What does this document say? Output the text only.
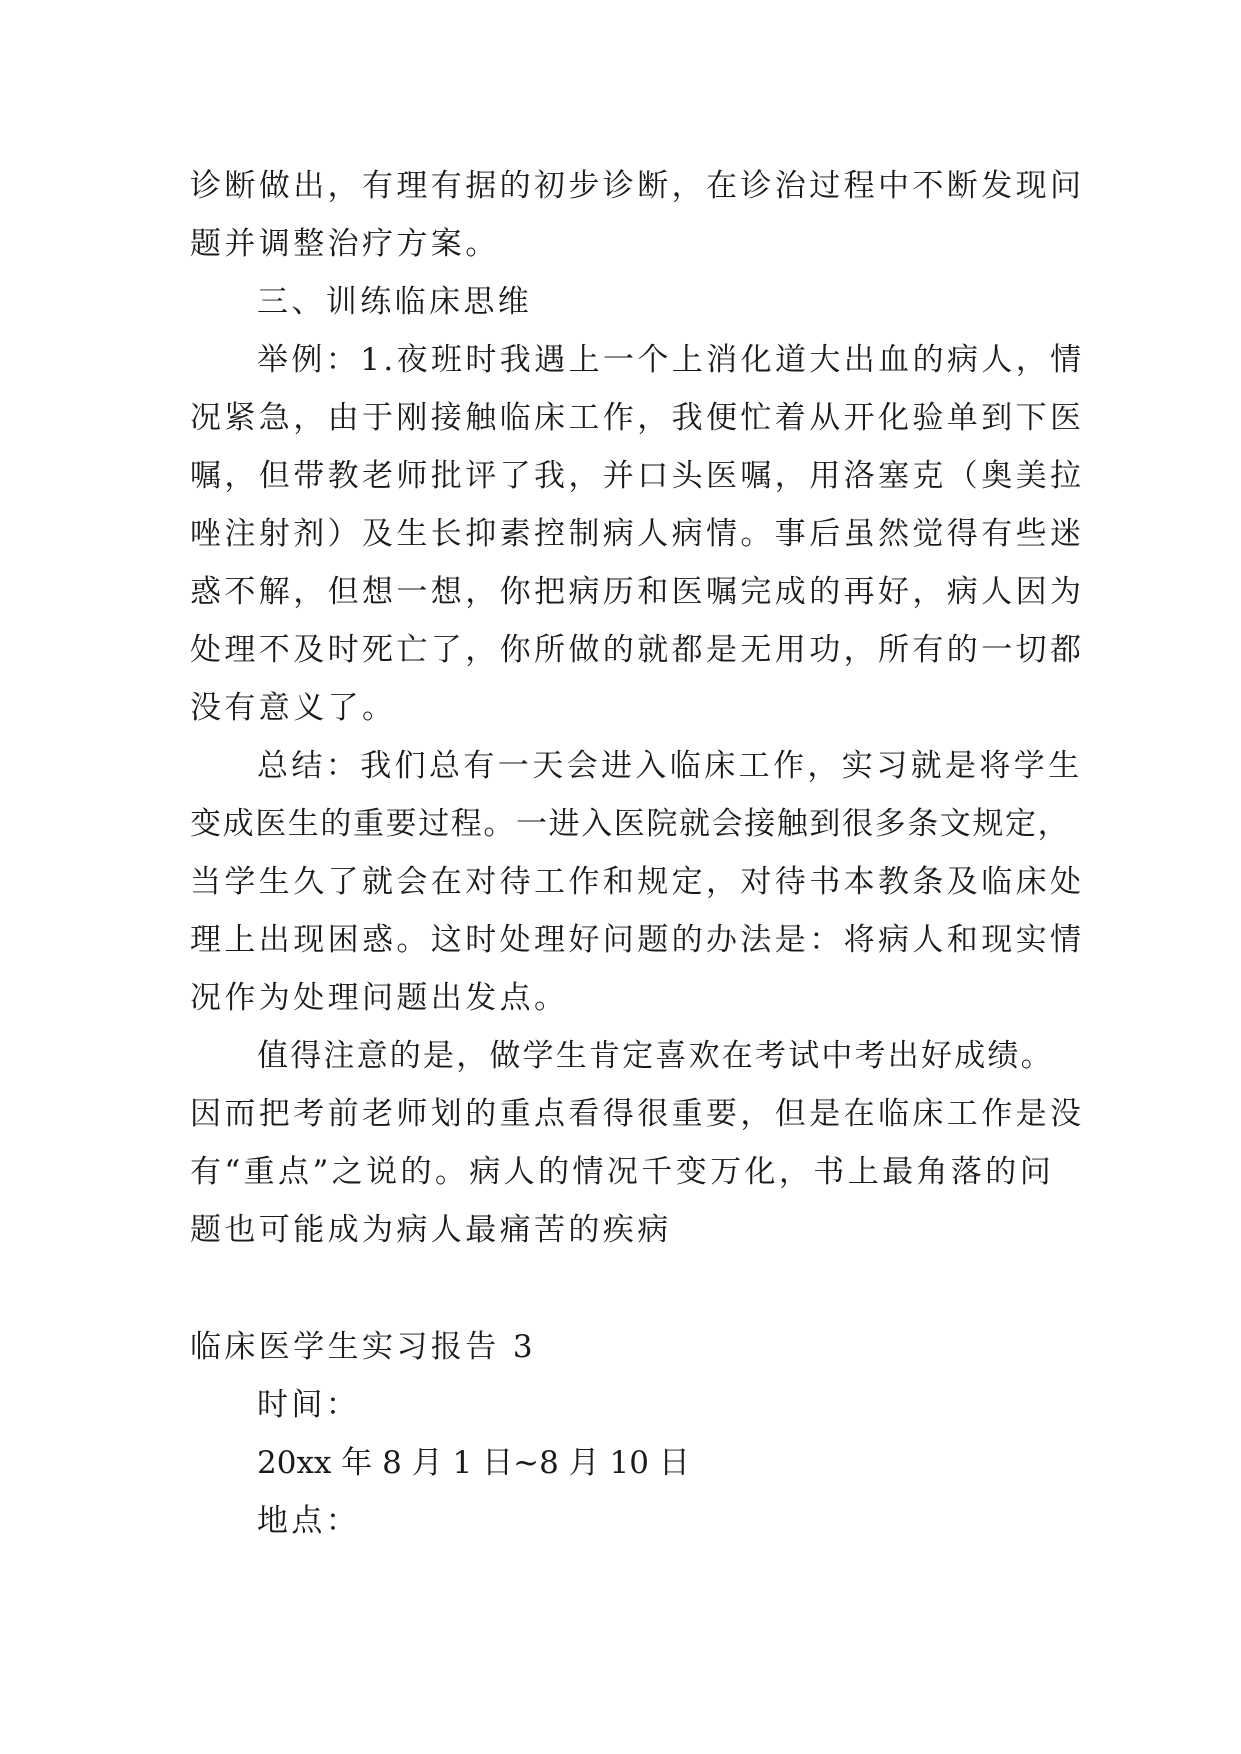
诊断做出，有理有据的初步诊断，在诊治过程中不断发现问
题并调整治疗方案。
三、训练临床思维
举例：1.夜班时我遇上一个上消化道大出血的病人，情
况紧急，由于刚接触临床工作，我便忙着从开化验单到下医
嘱，但带教老师批评了我，并口头医嘱，用洛塞克（奥美拉
唑注射剂）及生长抑素控制病人病情。事后虽然觉得有些迷
惑不解，但想一想，你把病历和医嘱完成的再好，病人因为
处理不及时死亡了，你所做的就都是无用功，所有的一切都
没有意义了。
总结：我们总有一天会进入临床工作，实习就是将学生
变成医生的重要过程。一进入医院就会接触到很多条文规定，
当学生久了就会在对待工作和规定，对待书本教条及临床处
理上出现困惑。这时处理好问题的办法是：将病人和现实情
况作为处理问题出发点。
值得注意的是，做学生肯定喜欢在考试中考出好成绩。
因而把考前老师划的重点看得很重要，但是在临床工作是没
有“重点”之说的。病人的情况千变万化，书上最角落的问
题也可能成为病人最痛苦的疾病
临床医学生实习报告 3
时间：
20xx 年 8 月 1 日~8 月 10 日
地点：
